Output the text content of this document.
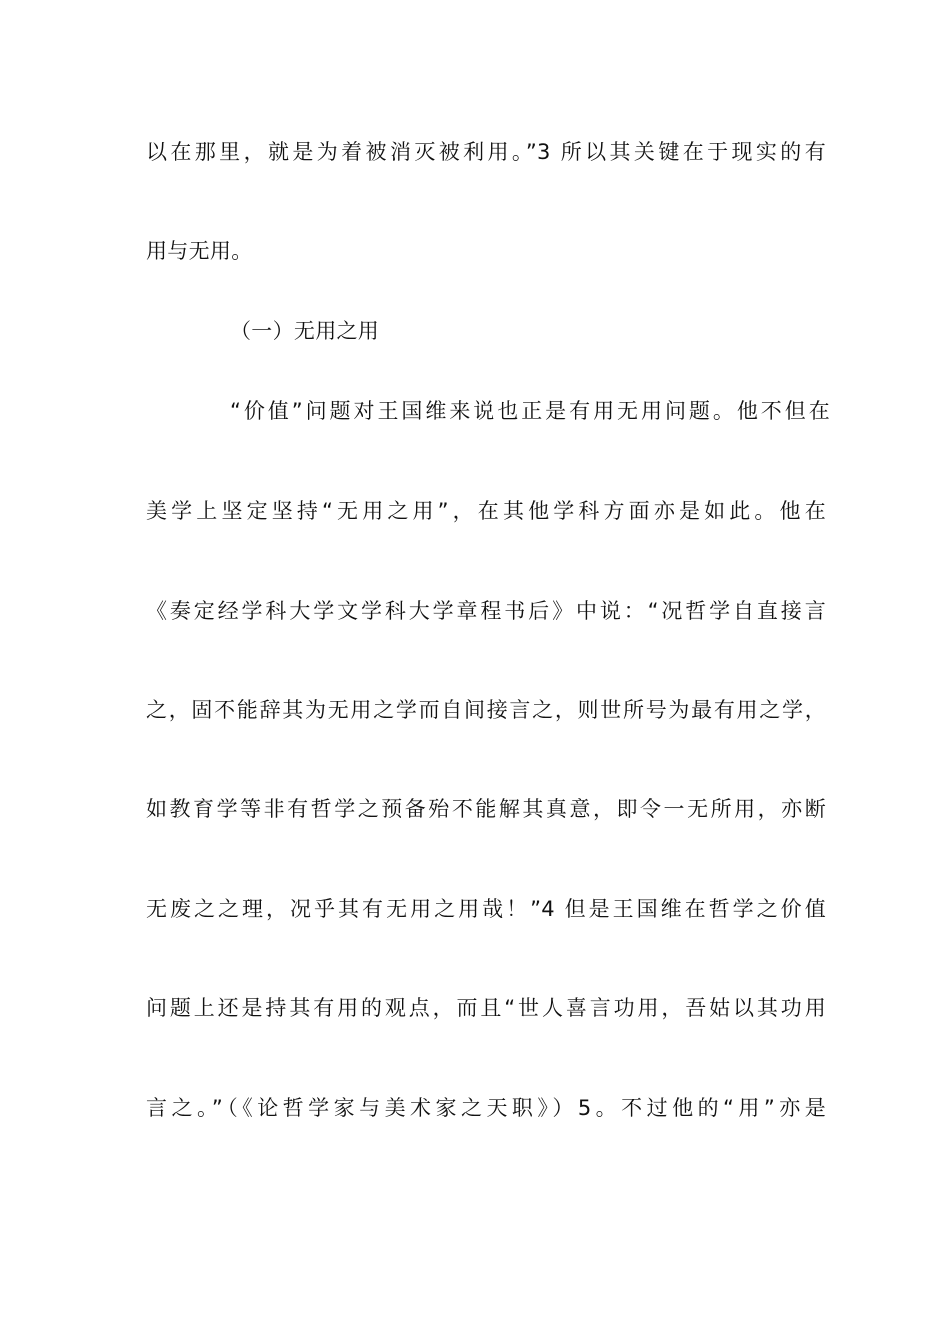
以在那里，就是为着被消灭被利用。”3 所以其关键在于现实的有
用与无用。
（一）无用之用
“价值”问题对王国维来说也正是有用无用问题。他不但在
美学上坚定坚持“无用之用”，在其他学科方面亦是如此。他在
《奏定经学科大学文学科大学章程书后》中说：“况哲学自直接言
之，固不能辞其为无用之学而自间接言之，则世所号为最有用之学，
如教育学等非有哲学之预备殆不能解其真意，即令一无所用，亦断
无废之之理，况乎其有无用之用哉！”4 但是王国维在哲学之价值
问题上还是持其有用的观点，而且“世人喜言功用，吾姑以其功用
言之。”（《论哲学家与美术家之天职》）5。不过他的“用”亦是
